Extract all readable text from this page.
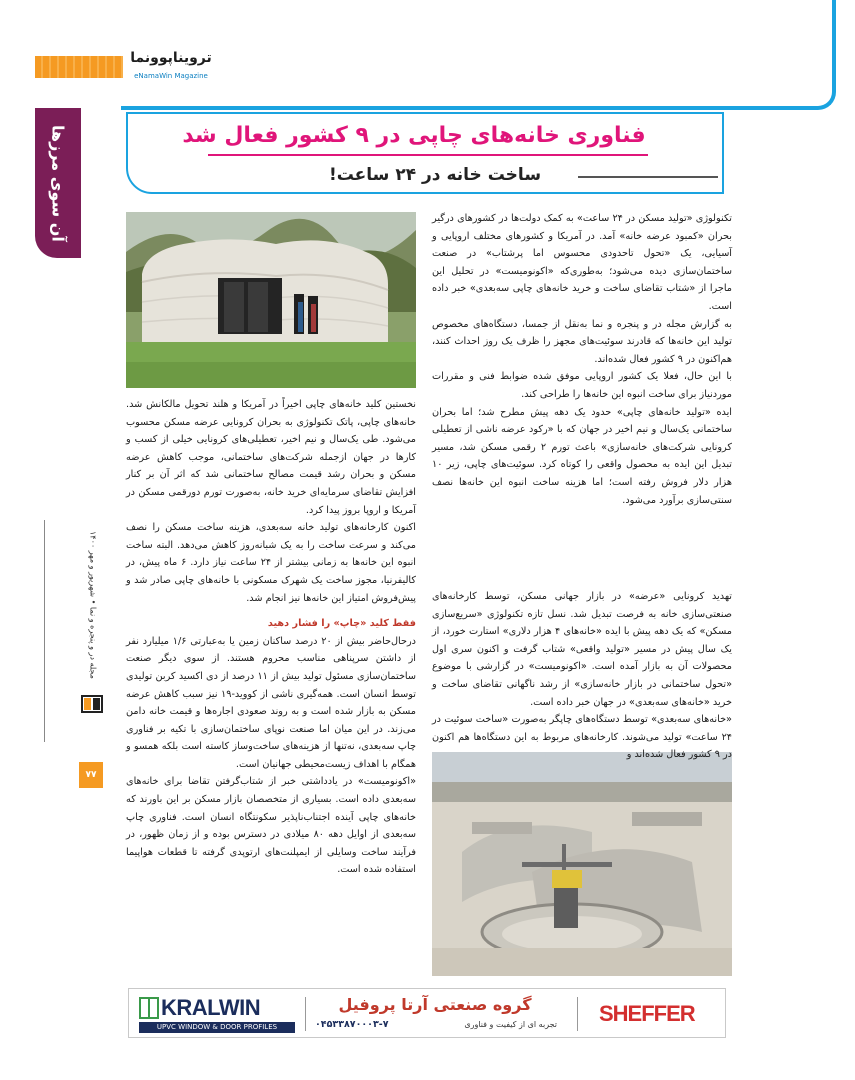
ترویناپوونما
eNamaWin Magazine
آن سوی مرزها
مجله در و پنجره و نما • شهریور و مهر ۱۴۰۰
۷۷
فناوری خانه‌های چاپی در ۹ کشور فعال شد
ساخت خانه در ۲۴ ساعت!

تکنولوژی «تولید مسکن در ۲۴ ساعت» به کمک دولت‌ها در کشورهای درگیر بحران «کمبود عرضه خانه» آمد. در آمریکا و کشورهای مختلف اروپایی و آسیایی، یک «تحول تاحدودی محسوس اما پرشتاب» در صنعت ساختمان‌سازی دیده می‌شود؛ به‌طوری‌که «اکونومیست» در تحلیل این ماجرا از «شتاب تقاضای ساخت و خرید خانه‌های چاپی سه‌بعدی» خبر داده است.

به گزارش مجله در و پنجره و نما به‌نقل از جمسا، دستگاه‌های مخصوص تولید این خانه‌ها که قادرند سوئیت‌های مجهز را ظرف یک روز احداث کنند، هم‌اکنون در ۹ کشور فعال شده‌اند.

با این حال، فعلا یک کشور اروپایی موفق شده ضوابط فنی و مقررات موردنیاز برای ساخت انبوه این خانه‌ها را طراحی کند.

ایده «تولید خانه‌های چاپی» حدود یک دهه پیش مطرح شد؛ اما بحران ساختمانی یک‌سال و نیم اخیر در جهان که با «رکود عرضه ناشی از تعطیلی کرونایی شرکت‌های خانه‌سازی» باعث تورم ۲ رقمی مسکن شد، مسیر تبدیل این ایده به محصول واقعی را کوتاه کرد. سوئیت‌های چاپی، زیر ۱۰ هزار دلار فروش رفته است؛ اما هزینه ساخت انبوه این خانه‌ها نصف سنتی‌سازی برآورد می‌شود.

تهدید کرونایی «عرضه» در بازار جهانی مسکن، توسط کارخانه‌های صنعتی‌سازی خانه به فرصت تبدیل شد. نسل تازه تکنولوژی «سریع‌سازی مسکن» که یک دهه پیش با ایده «خانه‌های ۴ هزار دلاری» استارت خورد، از یک سال پیش در مسیر «تولید واقعی» شتاب گرفت و اکنون سری اول محصولات آن به بازار آمده است. «اکونومیست» در گزارشی با موضوع «تحول ساختمانی در بازار خانه‌سازی» از رشد ناگهانی تقاضای ساخت و خرید «خانه‌های سه‌بعدی» در جهان خبر داده است.

«خانه‌های سه‌بعدی» توسط دستگاه‌های چاپگر به‌صورت «ساخت سوئیت در ۲۴ ساعت» تولید می‌شوند. کارخانه‌های مربوط به این دستگاه‌ها هم اکنون در ۹ کشور فعال شده‌اند و

نخستین کلید خانه‌های چاپی اخیراً در آمریکا و هلند تحویل مالکانش شد. خانه‌های چاپی، پاتک تکنولوژی به بحران کرونایی عرضه مسکن محسوب می‌شود. طی یک‌سال و نیم اخیر، تعطیلی‌های کرونایی خیلی از کسب و کارها در جهان ازجمله شرکت‌های ساختمانی، موجب کاهش عرضه مسکن و بحران رشد قیمت مصالح ساختمانی شد که اثر آن بر کنار افزایش تقاضای سرمایه‌ای خرید خانه، به‌صورت تورم دورقمی مسکن در آمریکا و اروپا بروز پیدا کرد.

اکنون کارخانه‌های تولید خانه سه‌بعدی، هزینه ساخت مسکن را نصف می‌کند و سرعت ساخت را به یک شبانه‌روز کاهش می‌دهد. البته ساخت انبوه این خانه‌ها به زمانی بیشتر از ۲۴ ساعت نیاز دارد. ۶ ماه پیش، در کالیفرنیا، مجوز ساخت یک شهرک مسکونی با خانه‌های چاپی صادر شد و پیش‌فروش امتیاز این خانه‌ها نیز انجام شد.

فقط کلید «چاپ» را فشار دهید

درحال‌حاضر بیش از ۲۰ درصد ساکنان زمین یا به‌عبارتی ۱/۶ میلیارد نفر از داشتن سرپناهی مناسب محروم هستند. از سوی دیگر صنعت ساختمان‌سازی مسئول تولید بیش از ۱۱ درصد از دی اکسید کربن تولیدی توسط انسان است. همه‌گیری ناشی از کووید-۱۹ نیز سبب کاهش عرضه مسکن به بازار شده است و به روند صعودی اجاره‌ها و قیمت خانه دامن می‌زند. در این میان اما صنعت نوپای ساختمان‌سازی با تکیه بر فناوری چاپ سه‌بعدی، نه‌تنها از هزینه‌های ساخت‌وساز کاسته است بلکه همسو و همگام با اهداف زیست‌محیطی جهانیان است.

«اکونومیست» در یادداشتی خبر از شتاب‌گرفتن تقاضا برای خانه‌های سه‌بعدی داده است. بسیاری از متخصصان بازار مسکن بر این باورند که خانه‌های چاپی آینده اجتناب‌ناپذیر سکونتگاه انسان است. فناوری چاپ سه‌بعدی از اوایل دهه ۸۰ میلادی در دسترس بوده و از زمان ظهور، در فرآیند ساخت وسایلی از ایمپلنت‌های ارتوپدی گرفته تا قطعات هواپیما استفاده شده است.

KRALWIN
UPVC WINDOW & DOOR PROFILES
گروه صنعتی آرتا پروفیل
تجربه ای از کیفیت و فناوری
۰۴۵۳۳۸۷۰۰۰۳-۷	SHEFFER
